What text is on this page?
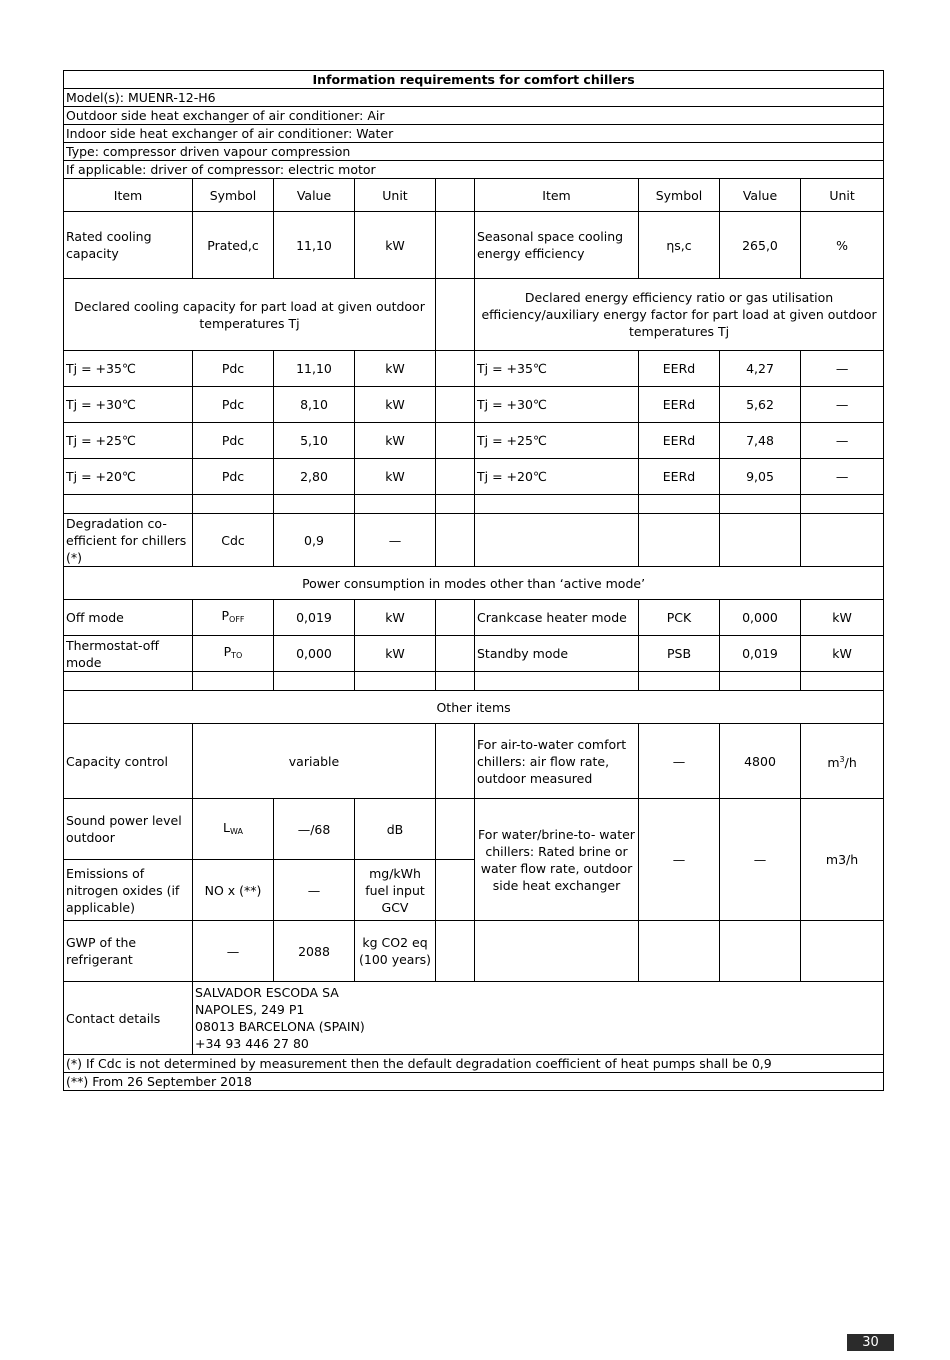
Information requirements for comfort chillers								
Model(s): MUENR-12-H6								
Outdoor side heat exchanger of air conditioner: Air								
Indoor side heat exchanger of air conditioner: Water								
Type: compressor driven vapour compression								
If applicable: driver of compressor: electric motor								
Item	Symbol	Value	Unit		Item	Symbol	Value	Unit
Rated cooling capacity	Prated,c	11,10	kW		Seasonal space cooling energy efficiency	ηs,c	265,0	%
Declared cooling capacity for part load at given outdoor temperatures Tj					Declared energy efficiency ratio or gas utilisation efficiency/auxiliary energy factor for part load at given outdoor temperatures Tj			
Tj = +35℃	Pdc	11,10	kW		Tj = +35℃	EERd	4,27	—
Tj = +30℃	Pdc	8,10	kW		Tj = +30℃	EERd	5,62	—
Tj = +25℃	Pdc	5,10	kW		Tj = +25℃	EERd	7,48	—
Tj = +20℃	Pdc	2,80	kW		Tj = +20℃	EERd	9,05	—

Degradation co-efficient for chillers (*)	Cdc	0,9	—					
Power consumption in modes other than ‘active mode’								
Off mode	$P_{OFF}$	0,019	kW		Crankcase heater mode	PCK	0,000	kW
Thermostat-off mode	$P_{TO}$	0,000	kW		Standby mode	PSB	0,019	kW

Other items								
Capacity control	variable				For air-to-water comfort chillers: air flow rate, outdoor measured	—	4800	$m^3/h$
Sound power level outdoor	$L_{WA}$	—/68	dB		For water/brine-to- water chillers: Rated brine or water flow rate, outdoor side heat exchanger	—	—	m3/h
Emissions of nitrogen oxides (if applicable)	NO x (**)	—	mg/kWh fuel input GCV					
GWP of the refrigerant	—	2088	kg CO2 eq (100 years)					
Contact details	SALVADOR ESCODA SA
NAPOLES, 249 P1
08013 BARCELONA (SPAIN)
+34 93 446 27 80							

(*) If Cdc is not determined by measurement then the default degradation coefficient of heat pumps shall be 0,9								
(**) From 26 September 2018								
30
